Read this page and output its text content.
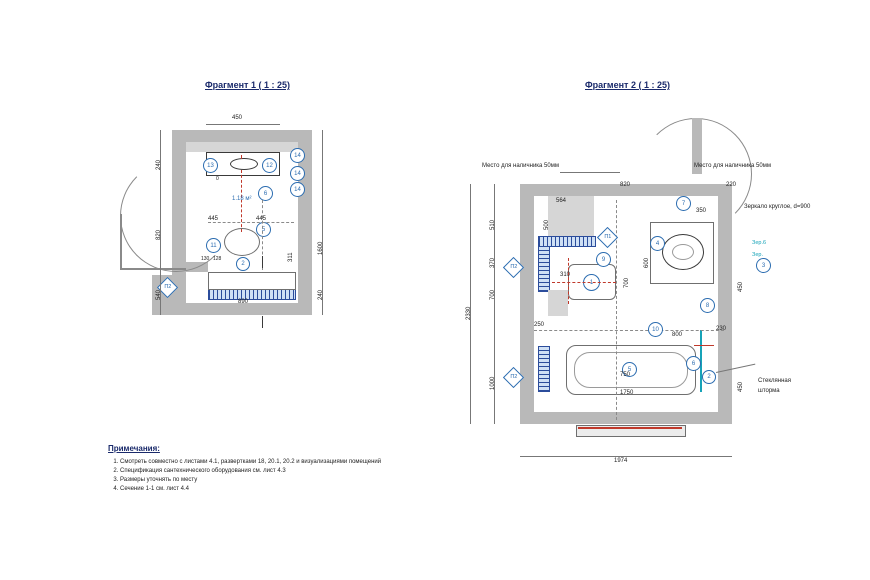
Фрагмент 1 ( 1 : 25)	Фрагмент 2 ( 1 : 25)
5
11
6
2
13	12
14
14
14
П2
450
240
820
540
1600
240
445	445
311
890
130 128
0
1.18 м²
1
7
4
3
9
8
10
5
6
2
П1
П2
П2
Место для наличника 50мм	Место для наличника 50мм
Зеркало круглое, d=900
Зер.6
Зер.
Стеклянная
шторма
510
370
700
1000
2330
564
820	220
350
500
310
250
700
600
1750
750
800
230
450
450
1974
Примечания:
1. Смотреть совместно с листами 4.1, развертками 18, 20.1, 20.2 и визуализациями помещений
2. Спецификация сантехнического оборудования см. лист 4.3
3. Размеры уточнять по месту
4. Сечение 1-1 см. лист 4.4
